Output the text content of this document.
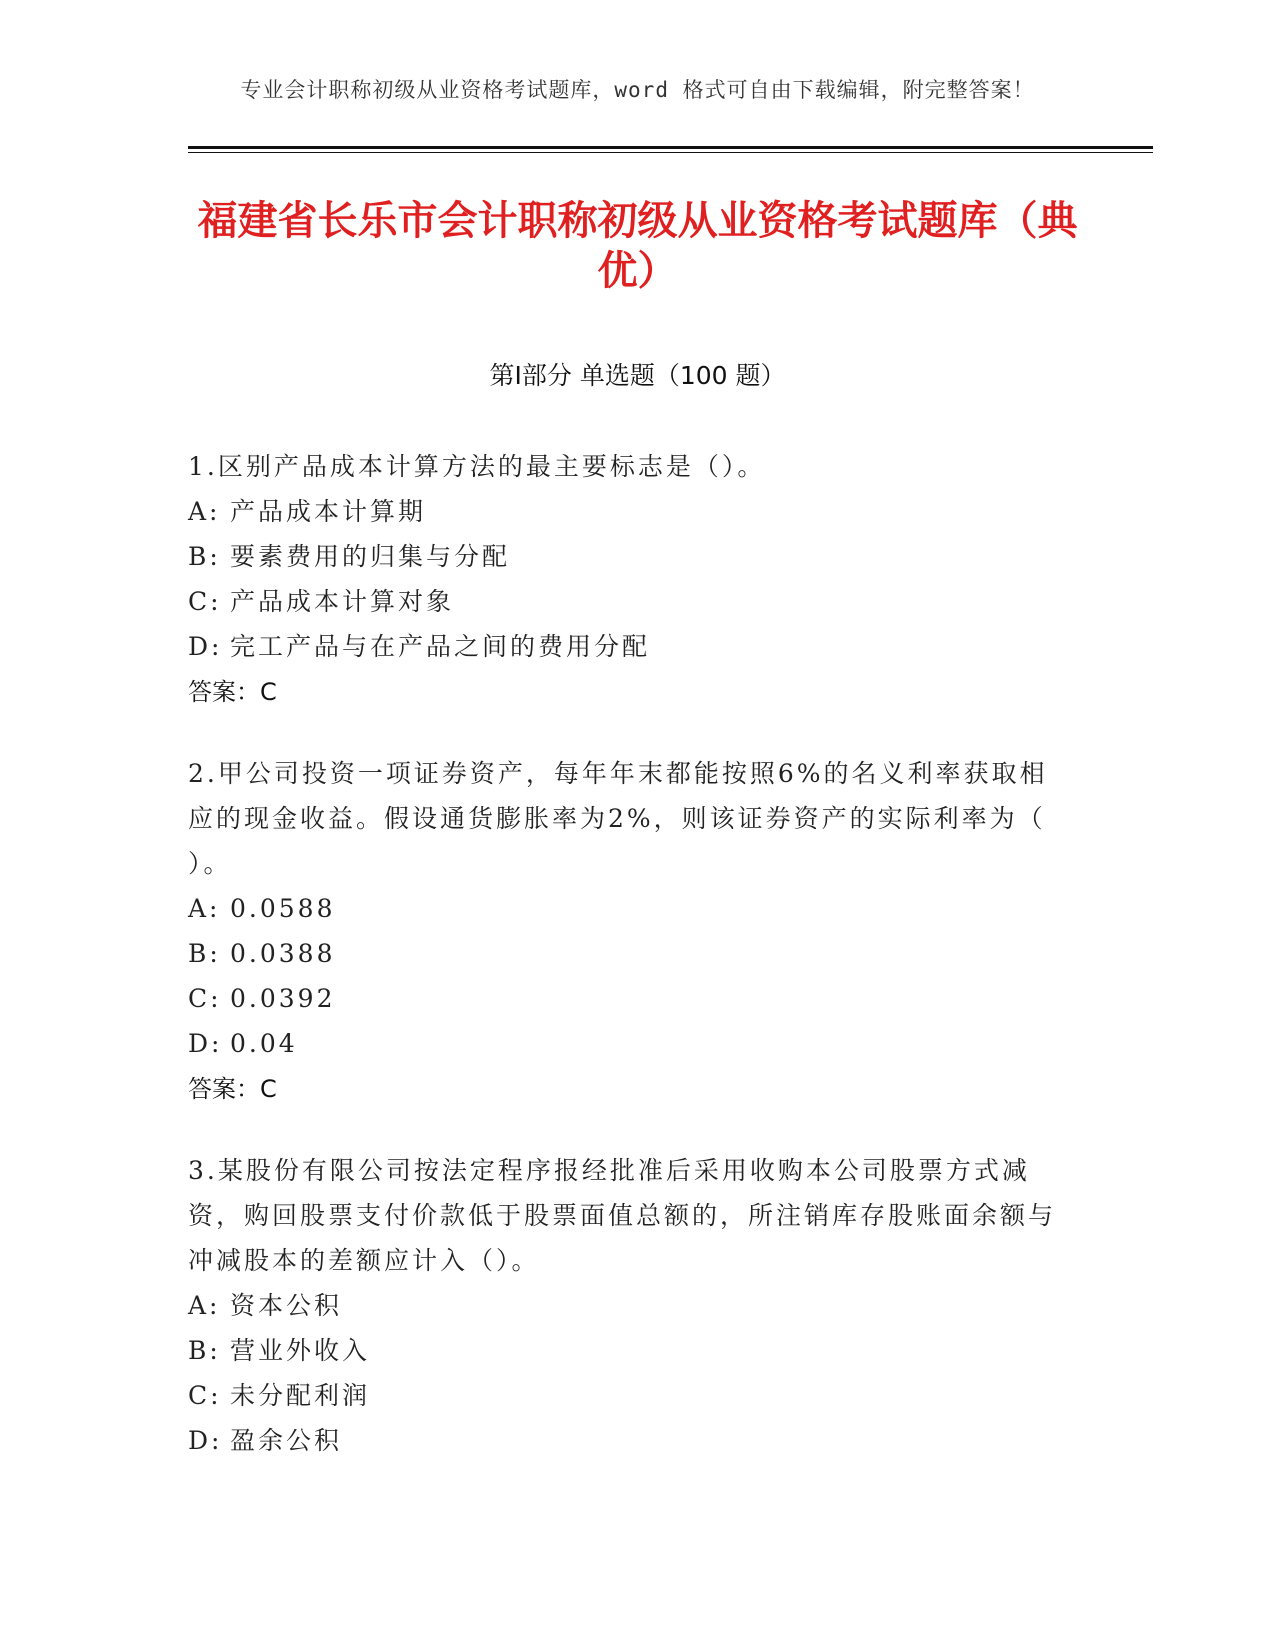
专业会计职称初级从业资格考试题库，word 格式可自由下载编辑，附完整答案！
福建省长乐市会计职称初级从业资格考试题库（典优）
第Ⅰ部分 单选题（100 题）

1.区别产品成本计算方法的最主要标志是（）。

A: 产品成本计算期

B: 要素费用的归集与分配

C: 产品成本计算对象

D: 完工产品与在产品之间的费用分配

答案：C

2.甲公司投资一项证券资产，每年年末都能按照6%的名义利率获取相应的现金收益。假设通货膨胀率为2%，则该证券资产的实际利率为（ ）。

A: 0.0588

B: 0.0388

C: 0.0392

D: 0.04

答案：C

3.某股份有限公司按法定程序报经批准后采用收购本公司股票方式减资，购回股票支付价款低于股票面值总额的，所注销库存股账面余额与冲减股本的差额应计入（）。

A: 资本公积

B: 营业外收入

C: 未分配利润

D: 盈余公积
